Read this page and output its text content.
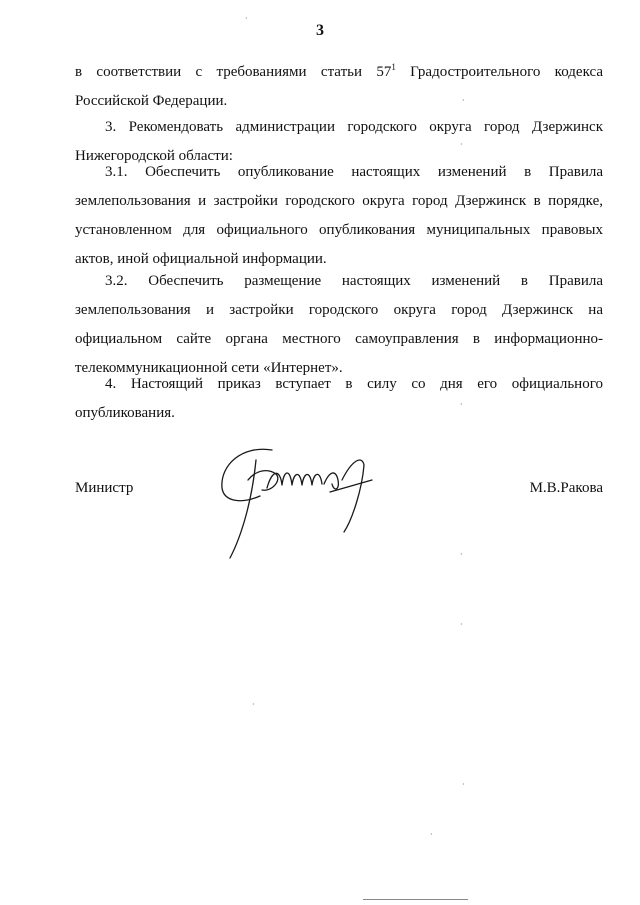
3

в соответствии с требованиями статьи $57^1$ Градостроительного кодекса Российской Федерации.

3. Рекомендовать администрации городского округа город Дзержинск Нижегородской области:

3.1. Обеспечить опубликование настоящих изменений в Правила землепользования и застройки городского округа город Дзержинск в порядке, установленном для официального опубликования муниципальных правовых актов, иной официальной информации.

3.2. Обеспечить размещение настоящих изменений в Правила землепользования и застройки городского округа город Дзержинск на официальном сайте органа местного самоуправления в информационно-телекоммуникационной сети «Интернет».

4. Настоящий приказ вступает в силу со дня его официального опубликования.

Министр	М.В.Ракова
·
·
·
·
·
·
·
·
·
